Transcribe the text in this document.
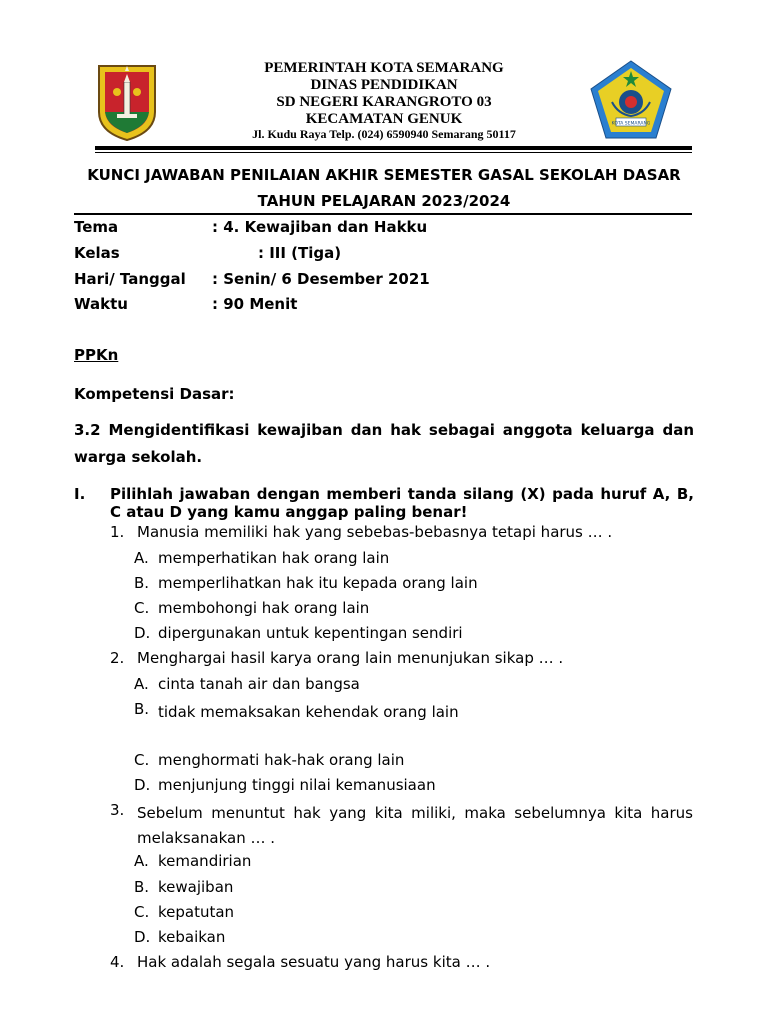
KOTA SEMARANG
PEMERINTAH KOTA SEMARANG
DINAS PENDIDIKAN
SD NEGERI KARANGROTO 03
KECAMATAN GENUK
Jl. Kudu Raya Telp. (024) 6590940 Semarang 50117
KUNCI JAWABAN PENILAIAN AKHIR SEMESTER GASAL SEKOLAH DASAR
TAHUN PELAJARAN 2023/2024
Tema	: 4. Kewajiban dan Hakku
Kelas	: III (Tiga)
Hari/ Tanggal : Senin/ 6 Desember 2021
Waktu	: 90 Menit
PPKn
Kompetensi Dasar:
3.2 Mengidentifikasi kewajiban dan hak sebagai anggota keluarga dan warga sekolah.
I. Pilihlah jawaban dengan memberi tanda silang (X) pada huruf A, B, C atau D yang kamu anggap paling benar!
1. Manusia memiliki hak yang sebebas-bebasnya tetapi harus … .
A. memperhatikan hak orang lain
B. memperlihatkan hak itu kepada orang lain
C. membohongi hak orang lain
D. dipergunakan untuk kepentingan sendiri
2. Menghargai hasil karya orang lain menunjukan sikap … .
A. cinta tanah air dan bangsa
B. tidak memaksakan kehendak orang lain
C. menghormati hak-hak orang lain
D. menjunjung tinggi nilai kemanusiaan
3. Sebelum menuntut hak yang kita miliki, maka sebelumnya kita harus melaksanakan … .
A. kemandirian
B. kewajiban
C. kepatutan
D. kebaikan
4. Hak adalah segala sesuatu yang harus kita … .
